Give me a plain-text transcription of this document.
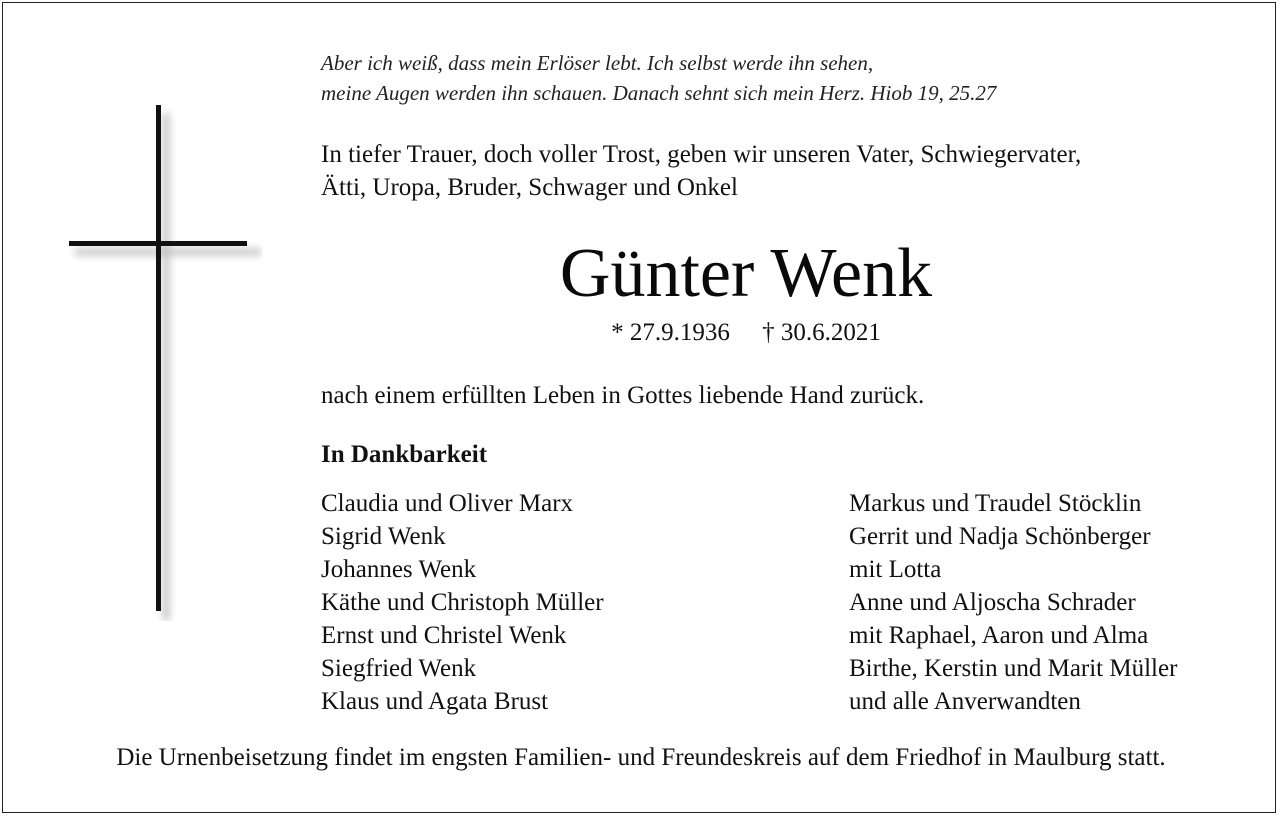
Aber ich weiß, dass mein Erlöser lebt. Ich selbst werde ihn sehen,
meine Augen werden ihn schauen. Danach sehnt sich mein Herz. Hiob 19, 25.27
In tiefer Trauer, doch voller Trost, geben wir unseren Vater, Schwiegervater,
Ätti, Uropa, Bruder, Schwager und Onkel
Günter Wenk
* 27.9.1936 † 30.6.2021
nach einem erfüllten Leben in Gottes liebende Hand zurück.
In Dankbarkeit
Claudia und Oliver Marx
Sigrid Wenk
Johannes Wenk
Käthe und Christoph Müller
Ernst und Christel Wenk
Siegfried Wenk
Klaus und Agata Brust
Markus und Traudel Stöcklin
Gerrit und Nadja Schönberger
mit Lotta
Anne und Aljoscha Schrader
mit Raphael, Aaron und Alma
Birthe, Kerstin und Marit Müller
und alle Anverwandten
Die Urnenbeisetzung findet im engsten Familien- und Freundeskreis auf dem Friedhof in Maulburg statt.
